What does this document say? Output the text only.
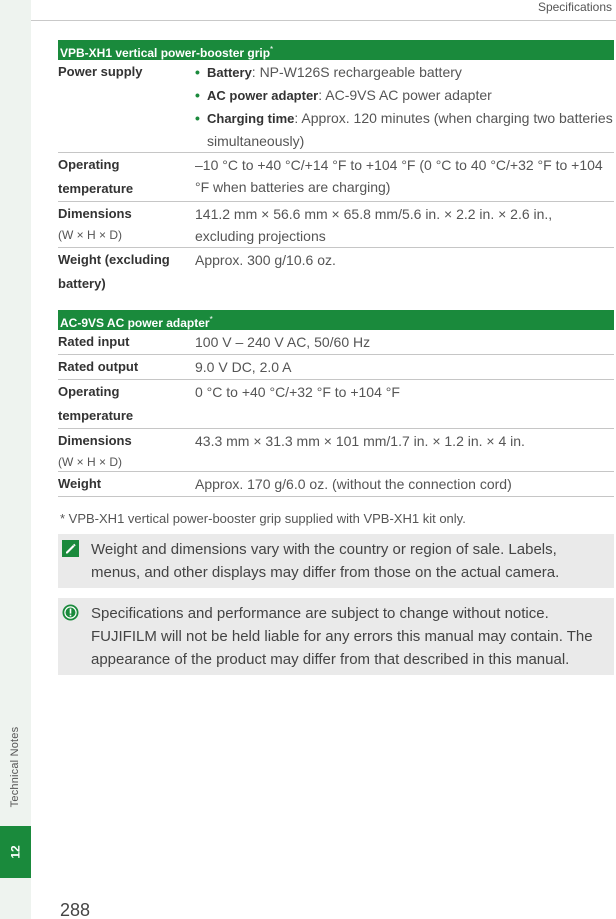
Technical Notes
12
Specifications
VPB-XH1 vertical power-booster grip*
Power supply
•	Battery: NP-W126S rechargeable battery
• AC power adapter: AC-9VS AC power adapter
• Charging time: Approx. 120 minutes (when charging two batteries simultaneously)
Operating temperature
–10 °C to +40 °C/+14 °F to +104 °F (0 °C to 40 °C/+32 °F to +104 °F when batteries are charging)
Dimensions
(W × H × D)
141.2 mm × 56.6 mm × 65.8 mm/5.6 in. × 2.2 in. × 2.6 in., excluding projections
Weight (excluding battery)
Approx. 300 g/10.6 oz.
AC-9VS AC power adapter*
Rated input	100 V – 240 V AC, 50/60 Hz
Rated output	9.0 V DC, 2.0 A
Operating temperature
0 °C to +40 °C/+32 °F to +104 °F
Dimensions
(W × H × D)
43.3 mm × 31.3 mm × 101 mm/1.7 in. × 1.2 in. × 4 in.
Weight	Approx. 170 g/6.0 oz. (without the connection cord)
* VPB-XH1 vertical power-booster grip supplied with VPB-XH1 kit only.
Weight and dimensions vary with the country or region of sale. Labels, menus, and other displays may differ from those on the actual camera.
Specifications and performance are subject to change without notice. FUJIFILM will not be held liable for any errors this manual may contain. The appearance of the product may differ from that described in this manual.
288
